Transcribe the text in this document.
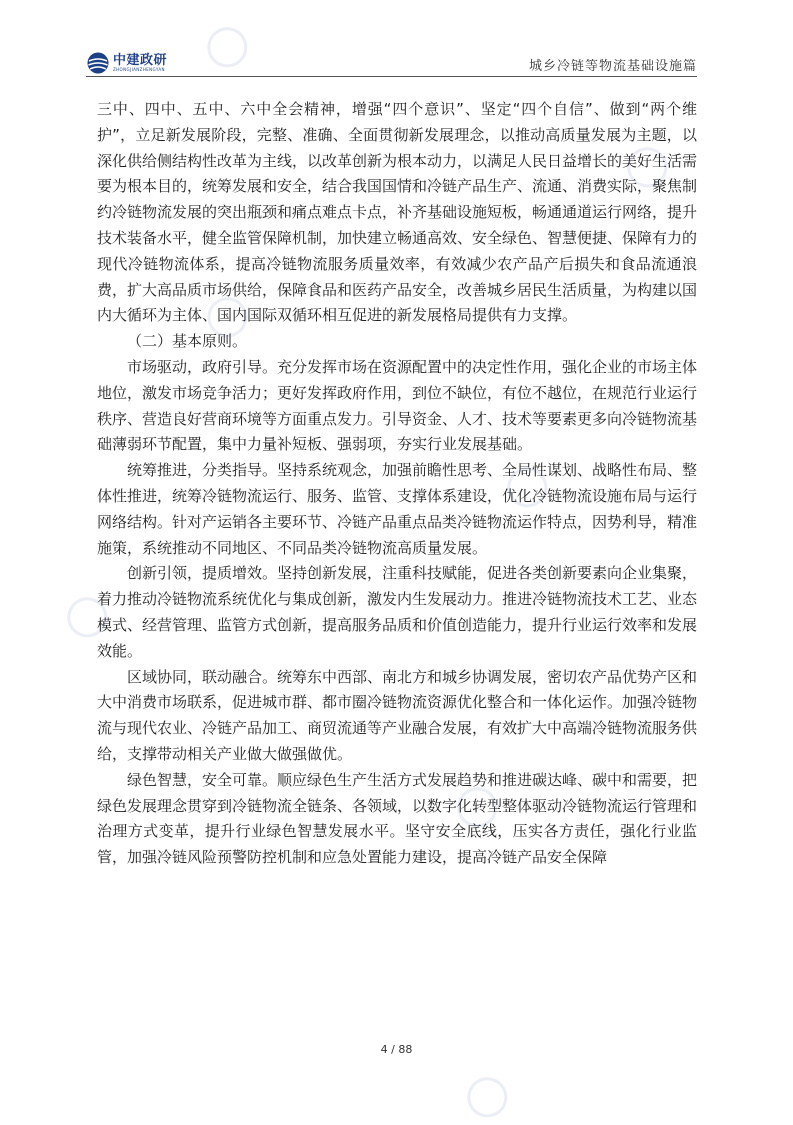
中建政研
ZHONGJIANZHENGYAN	城乡冷链等物流基础设施篇

三中、四中、五中、六中全会精神，增强“四个意识”、坚定“四个自信”、做到“两个维护”，立足新发展阶段，完整、准确、全面贯彻新发展理念，以推动高质量发展为主题，以深化供给侧结构性改革为主线，以改革创新为根本动力，以满足人民日益增长的美好生活需要为根本目的，统筹发展和安全，结合我国国情和冷链产品生产、流通、消费实际，聚焦制约冷链物流发展的突出瓶颈和痛点难点卡点，补齐基础设施短板，畅通通道运行网络，提升技术装备水平，健全监管保障机制，加快建立畅通高效、安全绿色、智慧便捷、保障有力的现代冷链物流体系，提高冷链物流服务质量效率，有效减少农产品产后损失和食品流通浪费，扩大高品质市场供给，保障食品和医药产品安全，改善城乡居民生活质量，为构建以国内大循环为主体、国内国际双循环相互促进的新发展格局提供有力支撑。

（二）基本原则。

市场驱动，政府引导。充分发挥市场在资源配置中的决定性作用，强化企业的市场主体地位，激发市场竞争活力；更好发挥政府作用，到位不缺位，有位不越位，在规范行业运行秩序、营造良好营商环境等方面重点发力。引导资金、人才、技术等要素更多向冷链物流基础薄弱环节配置，集中力量补短板、强弱项，夯实行业发展基础。

统筹推进，分类指导。坚持系统观念，加强前瞻性思考、全局性谋划、战略性布局、整体性推进，统筹冷链物流运行、服务、监管、支撑体系建设，优化冷链物流设施布局与运行网络结构。针对产运销各主要环节、冷链产品重点品类冷链物流运作特点，因势利导，精准施策，系统推动不同地区、不同品类冷链物流高质量发展。

创新引领，提质增效。坚持创新发展，注重科技赋能，促进各类创新要素向企业集聚，着力推动冷链物流系统优化与集成创新，激发内生发展动力。推进冷链物流技术工艺、业态模式、经营管理、监管方式创新，提高服务品质和价值创造能力，提升行业运行效率和发展效能。

区域协同，联动融合。统筹东中西部、南北方和城乡协调发展，密切农产品优势产区和大中消费市场联系，促进城市群、都市圈冷链物流资源优化整合和一体化运作。加强冷链物流与现代农业、冷链产品加工、商贸流通等产业融合发展，有效扩大中高端冷链物流服务供给，支撑带动相关产业做大做强做优。

绿色智慧，安全可靠。顺应绿色生产生活方式发展趋势和推进碳达峰、碳中和需要，把绿色发展理念贯穿到冷链物流全链条、各领域，以数字化转型整体驱动冷链物流运行管理和治理方式变革，提升行业绿色智慧发展水平。坚守安全底线，压实各方责任，强化行业监管，加强冷链风险预警防控机制和应急处置能力建设，提高冷链产品安全保障

4 / 88
